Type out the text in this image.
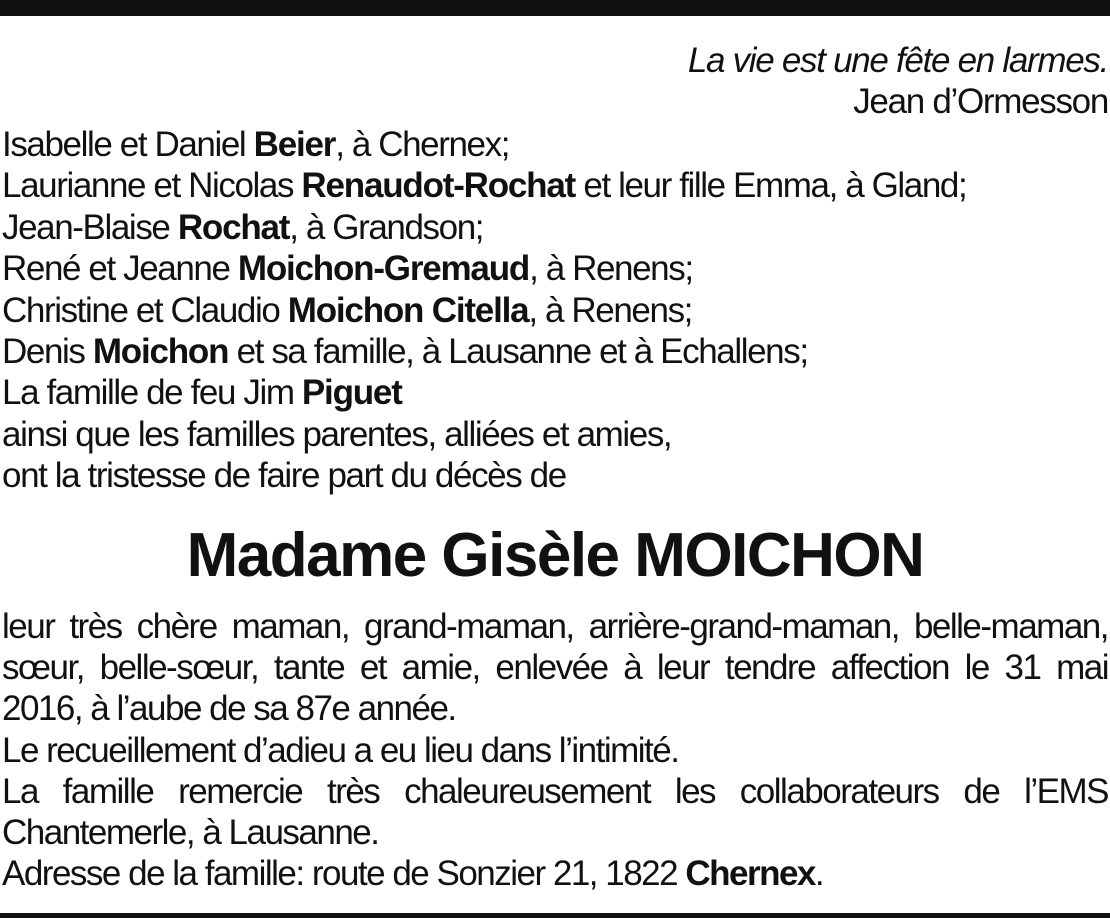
La vie est une fête en larmes.
Jean d’Ormesson
Isabelle et Daniel Beier, à Chernex;
Laurianne et Nicolas Renaudot-Rochat et leur fille Emma, à Gland;
Jean-Blaise Rochat, à Grandson;
René et Jeanne Moichon-Gremaud, à Renens;
Christine et Claudio Moichon Citella, à Renens;
Denis Moichon et sa famille, à Lausanne et à Echallens;
La famille de feu Jim Piguet
ainsi que les familles parentes, alliées et amies,
ont la tristesse de faire part du décès de
Madame Gisèle MOICHON
leur très chère maman, grand-maman, arrière-grand-maman, belle-maman,
sœur, belle-sœur, tante et amie, enlevée à leur tendre affection le 31 mai
2016, à l’aube de sa 87e année.
Le recueillement d’adieu a eu lieu dans l’intimité.
La famille remercie très chaleureusement les collaborateurs de l’EMS
Chantemerle, à Lausanne.
Adresse de la famille: route de Sonzier 21, 1822 Chernex.
